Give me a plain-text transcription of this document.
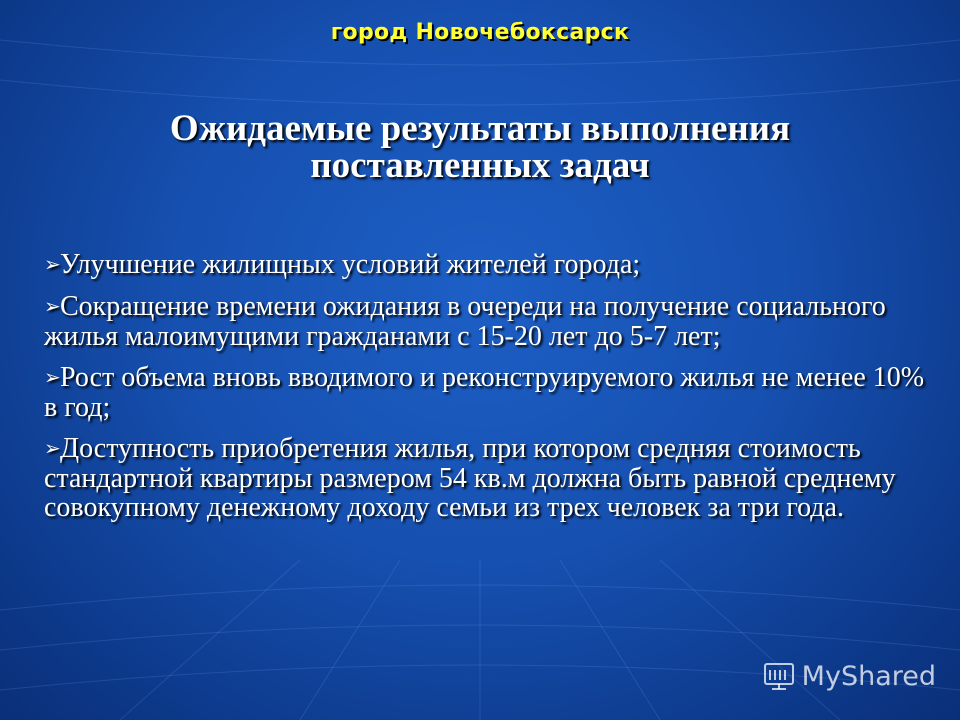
город Новочебоксарск
Ожидаемые результаты выполнения
поставленных задач
➢Улучшение жилищных условий жителей города;
➢Сокращение времени ожидания в очереди на получение социального жилья малоимущими гражданами с 15-20 лет до 5-7 лет;
➢Рост объема вновь вводимого и реконструируемого жилья не менее 10% в год;
➢Доступность приобретения жилья, при котором средняя стоимость стандартной квартиры размером 54 кв.м должна быть равной среднему совокупному денежному доходу семьи из трех человек за три года.
MyShared
